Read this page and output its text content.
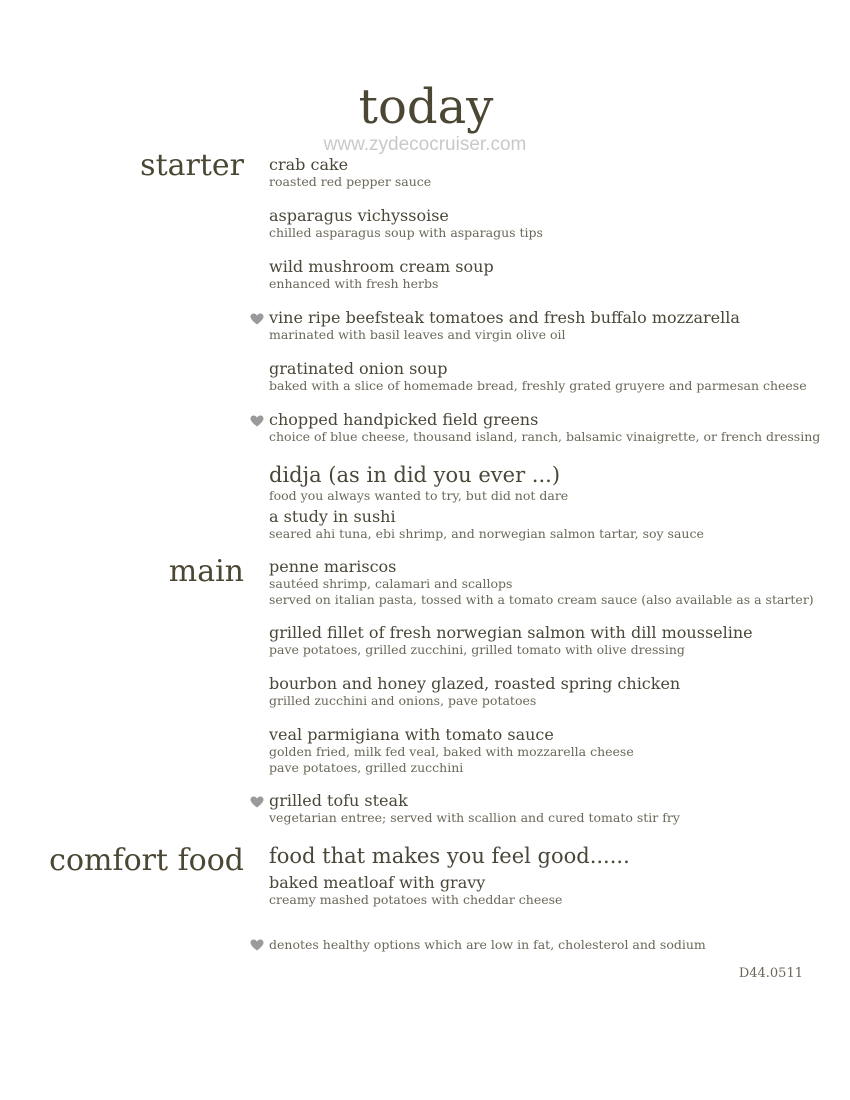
today
www.zydecocruiser.com
starter
main
comfort food
crab cake
roasted red pepper sauce
asparagus vichyssoise
chilled asparagus soup with asparagus tips
wild mushroom cream soup
enhanced with fresh herbs
vine ripe beefsteak tomatoes and fresh buffalo mozzarella
marinated with basil leaves and virgin olive oil
gratinated onion soup
baked with a slice of homemade bread, freshly grated gruyere and parmesan cheese
chopped handpicked field greens
choice of blue cheese, thousand island, ranch, balsamic vinaigrette, or french dressing
didja (as in did you ever ...)
food you always wanted to try, but did not dare
a study in sushi
seared ahi tuna, ebi shrimp, and norwegian salmon tartar, soy sauce
penne mariscos
sautéed shrimp, calamari and scallops
served on italian pasta, tossed with a tomato cream sauce (also available as a starter)
grilled fillet of fresh norwegian salmon with dill mousseline
pave potatoes, grilled zucchini, grilled tomato with olive dressing
bourbon and honey glazed, roasted spring chicken
grilled zucchini and onions, pave potatoes
veal parmigiana with tomato sauce
golden fried, milk fed veal, baked with mozzarella cheese
pave potatoes, grilled zucchini
grilled tofu steak
vegetarian entree; served with scallion and cured tomato stir fry
food that makes you feel good......
baked meatloaf with gravy
creamy mashed potatoes with cheddar cheese
denotes healthy options which are low in fat, cholesterol and sodium
D44.0511
